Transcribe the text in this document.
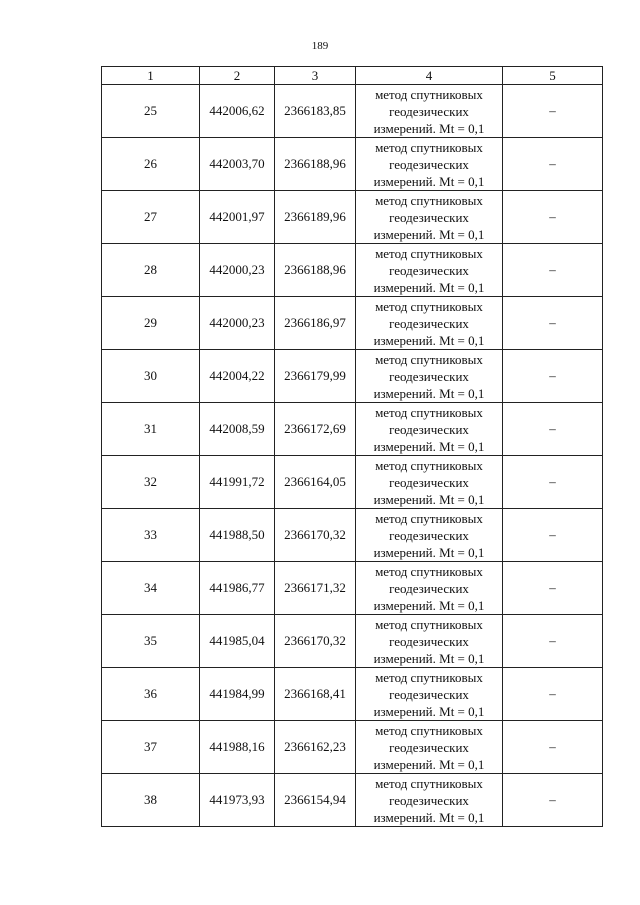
189
1	2	3	4	5
25	442006,62	2366183,85	метод спутниковых
геодезических
измерений. Mt = 0,1	–
26	442003,70	2366188,96	метод спутниковых
геодезических
измерений. Mt = 0,1	–
27	442001,97	2366189,96	метод спутниковых
геодезических
измерений. Mt = 0,1	–
28	442000,23	2366188,96	метод спутниковых
геодезических
измерений. Mt = 0,1	–
29	442000,23	2366186,97	метод спутниковых
геодезических
измерений. Mt = 0,1	–
30	442004,22	2366179,99	метод спутниковых
геодезических
измерений. Mt = 0,1	–
31	442008,59	2366172,69	метод спутниковых
геодезических
измерений. Mt = 0,1	–
32	441991,72	2366164,05	метод спутниковых
геодезических
измерений. Mt = 0,1	–
33	441988,50	2366170,32	метод спутниковых
геодезических
измерений. Mt = 0,1	–
34	441986,77	2366171,32	метод спутниковых
геодезических
измерений. Mt = 0,1	–
35	441985,04	2366170,32	метод спутниковых
геодезических
измерений. Mt = 0,1	–
36	441984,99	2366168,41	метод спутниковых
геодезических
измерений. Mt = 0,1	–
37	441988,16	2366162,23	метод спутниковых
геодезических
измерений. Mt = 0,1	–
38	441973,93	2366154,94	метод спутниковых
геодезических
измерений. Mt = 0,1	–
